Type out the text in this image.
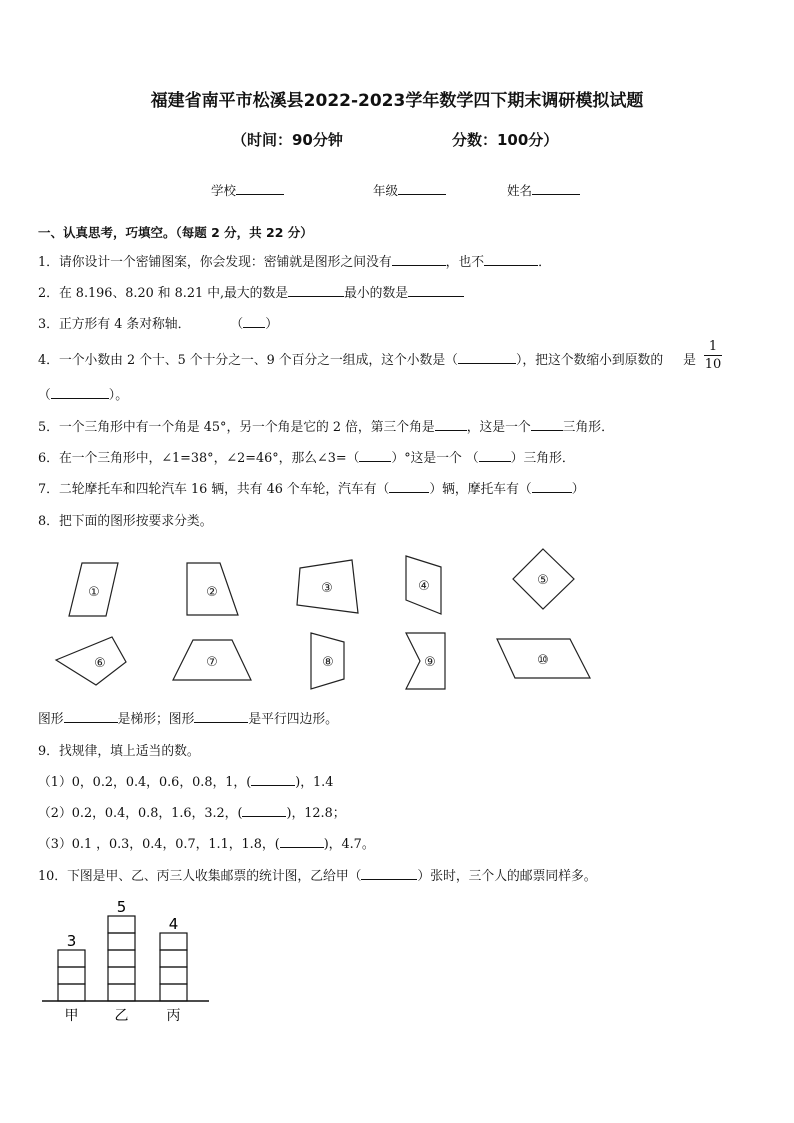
福建省南平市松溪县2022-2023学年数学四下期末调研模拟试题
（时间：90分钟	分数：100分）
学校	年级	姓名
一、认真思考，巧填空。（每题 2 分，共 22 分）
1．请你设计一个密铺图案，你会发现：密铺就是图形之间没有	，也不	．
2．在 8.196、8.20 和 8.21 中,最大的数是	最小的数是
3．正方形有 4 条对称轴．	（ ）
4．一个小数由 2 个十、5 个十分之一、9 个百分之一组成，这个小数是（	），把这个数缩小到原数的 是
1
10
（	）。
5．一个三角形中有一个角是 45°，另一个角是它的 2 倍，第三个角是	，这是一个	三角形．
6．在一个三角形中，∠1=38°，∠2=46°，那么∠3=（	）°这是一个 （	）三角形．
7．二轮摩托车和四轮汽车 16 辆，共有 46 个车轮，汽车有（	）辆，摩托车有（	）
8．把下面的图形按要求分类。
①	②	③	④	⑤
⑥	⑦	⑧	⑨	⑩
3
甲
5
乙
4
丙
图形	是梯形；图形	是平行四边形。
9．找规律，填上适当的数。
（1）0，0.2，0.4，0.6，0.8，1，(	)，1.4
（2）0.2，0.4，0.8，1.6，3.2，(	)，12.8；
（3）0.1 ，0.3，0.4，0.7，1.1，1.8，(	)，4.7。
10．下图是甲、乙、丙三人收集邮票的统计图，乙给甲（	）张时，三个人的邮票同样多。
